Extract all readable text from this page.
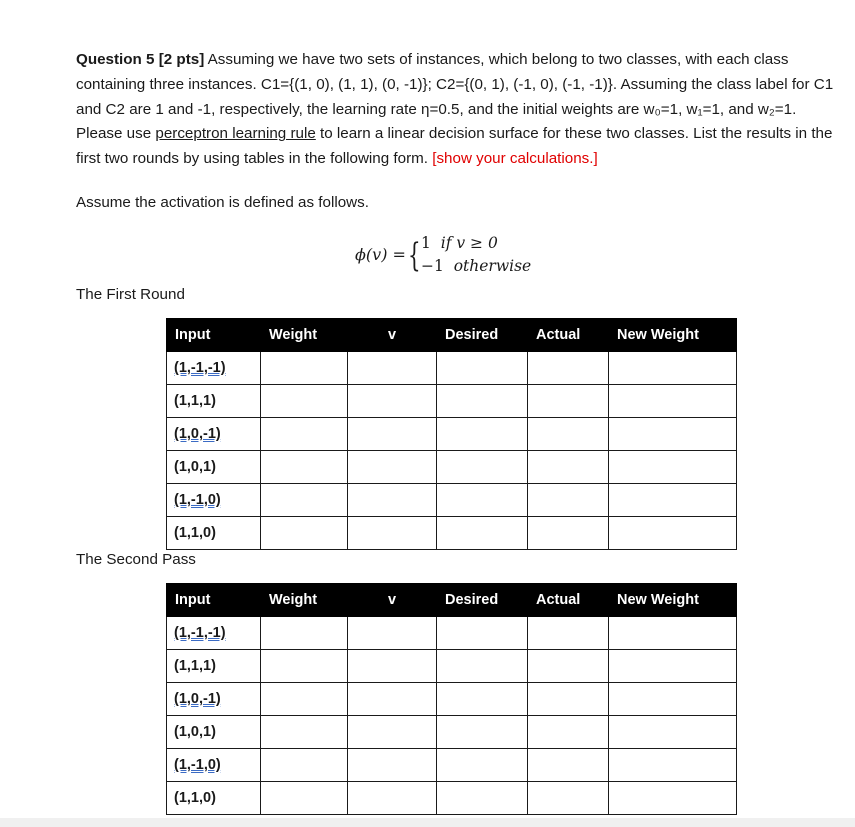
Question 5 [2 pts] Assuming we have two sets of instances, which belong to two classes, with each class containing three instances. C1={(1, 0), (1, 1), (0, -1)}; C2={(0, 1), (-1, 0), (-1, -1)}. Assuming the class label for C1 and C2 are 1 and -1, respectively, the learning rate η=0.5, and the initial weights are w₀=1, w₁=1, and w₂=1. Please use perceptron learning rule to learn a linear decision surface for these two classes. List the results in the first two rounds by using tables in the following form. [show your calculations.]

Assume the activation is defined as follows.

ϕ(v) = { 1 if v ≥ 0
−1 otherwise

The First Round

Input	Weight	v	Desired	Actual	New Weight
(1,-1,-1)					
(1,1,1)					
(1,0,-1)					
(1,0,1)					
(1,-1,0)					
(1,1,0)					

The Second Pass

Input	Weight	v	Desired	Actual	New Weight
(1,-1,-1)					
(1,1,1)					
(1,0,-1)					
(1,0,1)					
(1,-1,0)					
(1,1,0)					
